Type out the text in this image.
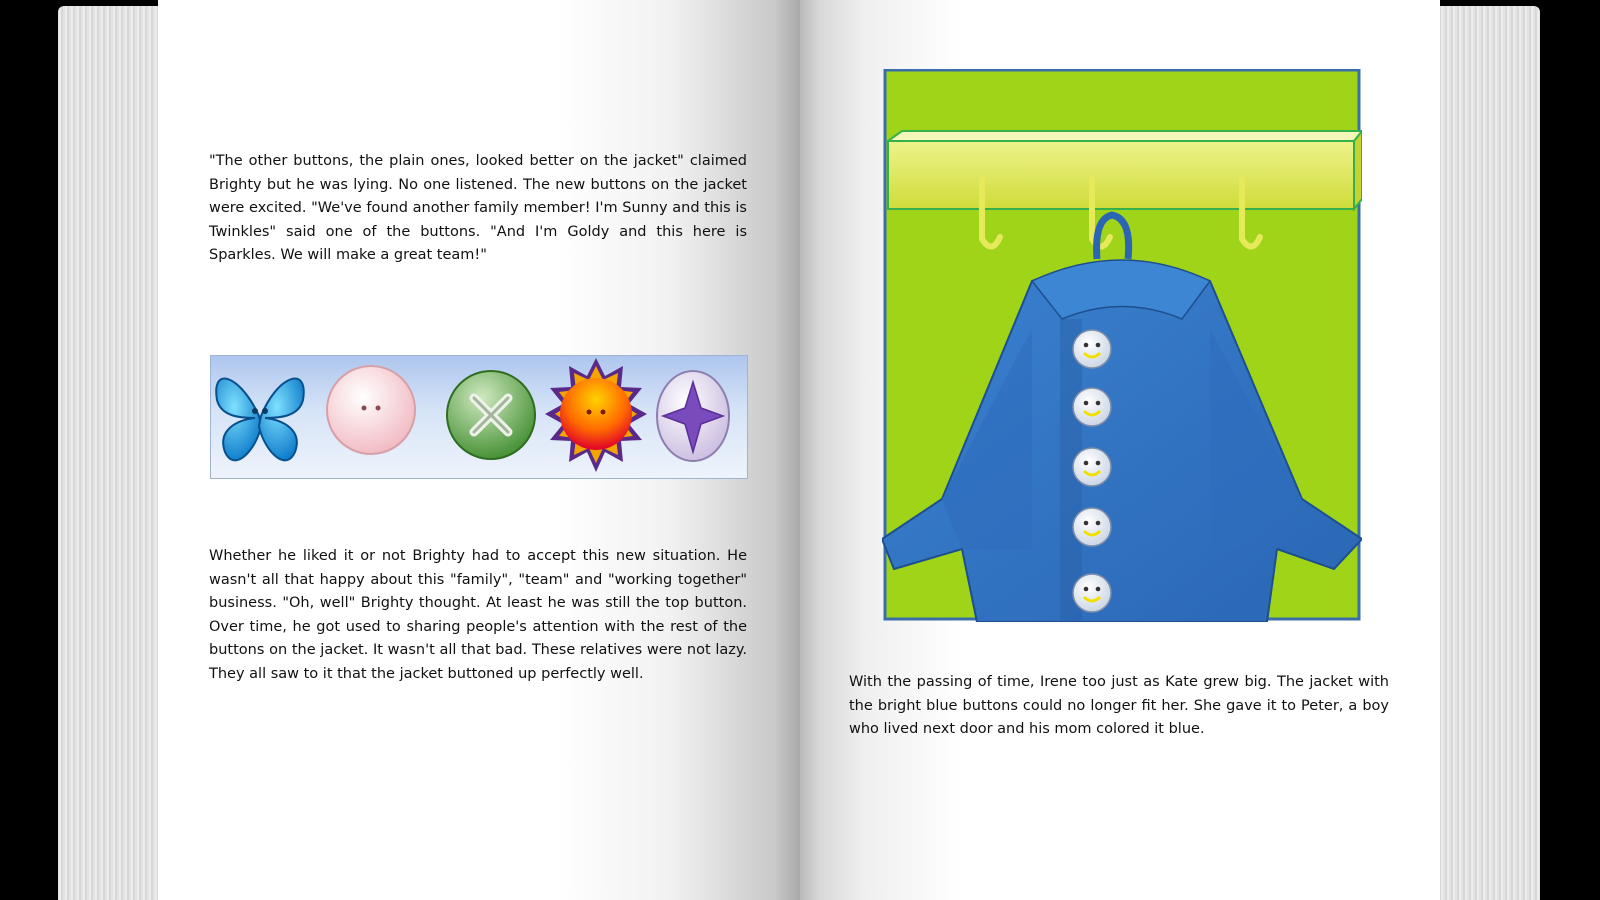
"The other buttons, the plain ones, looked better on the jacket" claimed Brighty but he was lying. No one listened. The new buttons on the jacket were excited. "We've found another family member! I'm Sunny and this is Twinkles" said one of the buttons. "And I'm Goldy and this here is Sparkles. We will make a great team!"

Whether he liked it or not Brighty had to accept this new situation. He wasn't all that happy about this "family", "team" and "working together" business. "Oh, well" Brighty thought. At least he was still the top button. Over time, he got used to sharing people's attention with the rest of the buttons on the jacket. It wasn't all that bad. These relatives were not lazy. They all saw to it that the jacket buttoned up perfectly well.

With the passing of time, Irene too just as Kate grew big. The jacket with the bright blue buttons could no longer fit her. She gave it to Peter, a boy who lived next door and his mom colored it blue.
